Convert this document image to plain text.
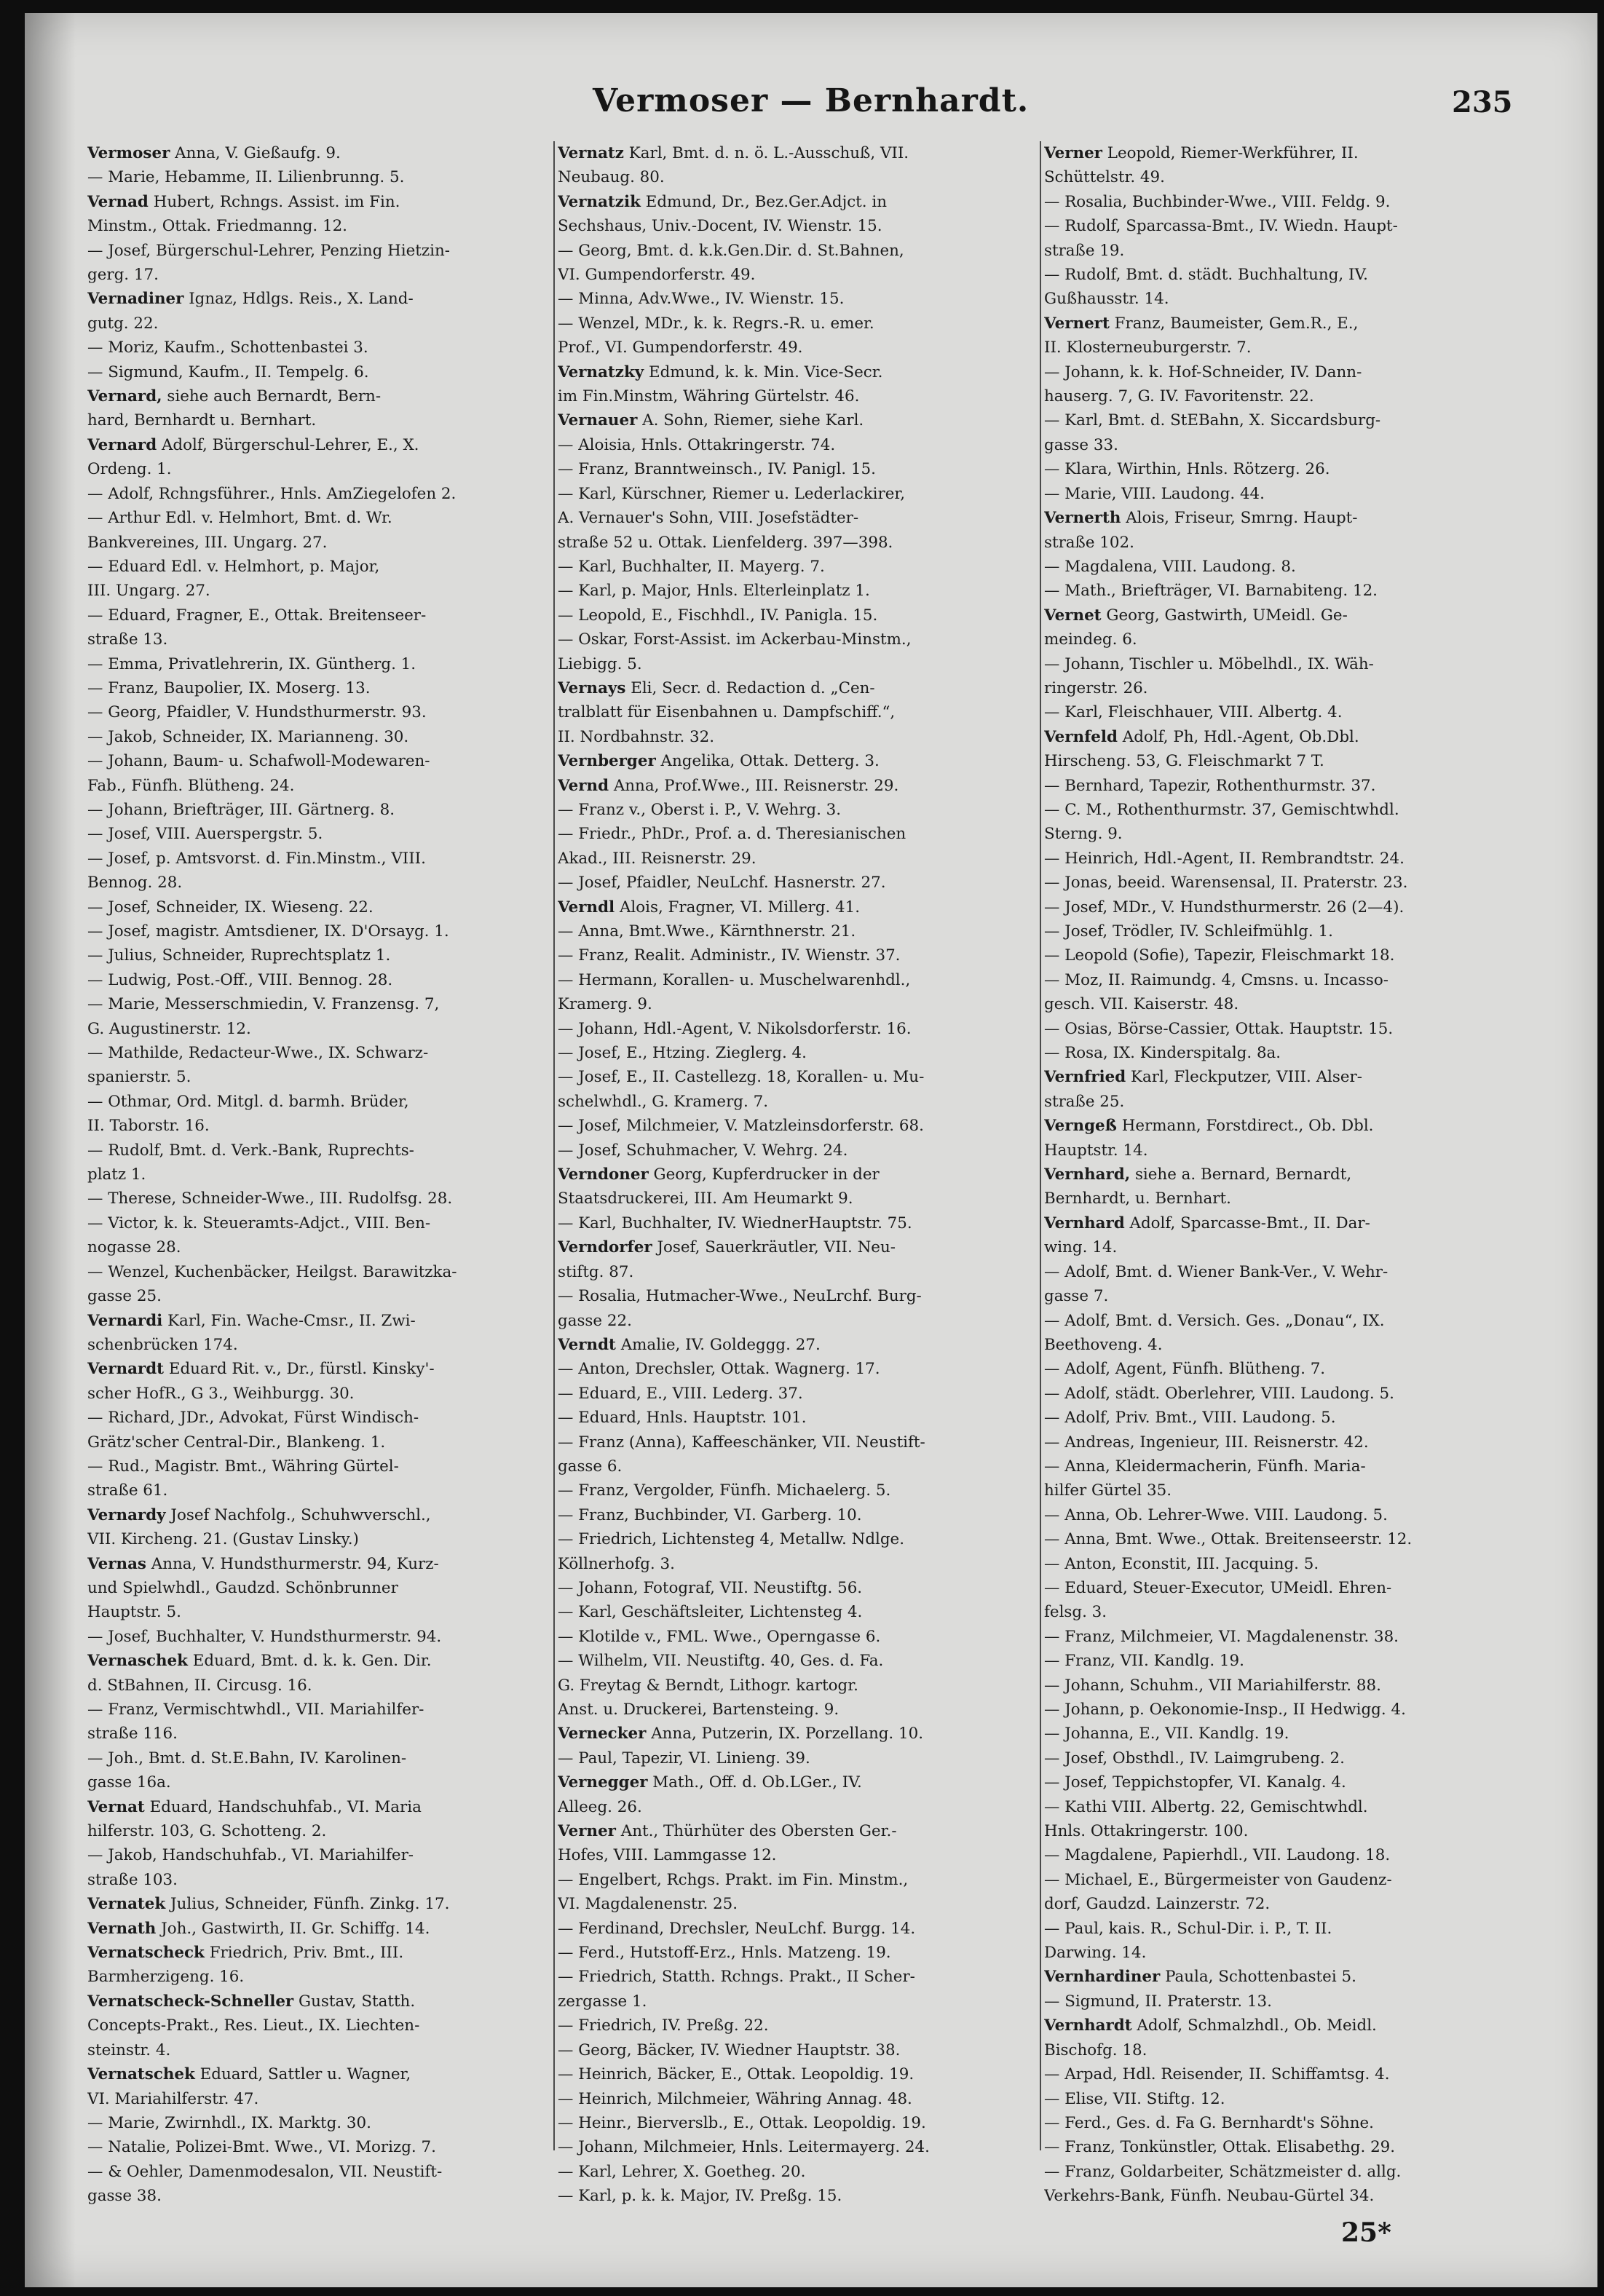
Vermoser — Bernhardt.	235
Vermoser Anna, V. Gießaufg. 9.
— Marie, Hebamme, II. Lilienbrunng. 5.
Vernad Hubert, Rchngs. Assist. im Fin.
Minstm., Ottak. Friedmanng. 12.
— Josef, Bürgerschul-Lehrer, Penzing Hietzin-
gerg. 17.
Vernadiner Ignaz, Hdlgs. Reis., X. Land-
gutg. 22.
— Moriz, Kaufm., Schottenbastei 3.
— Sigmund, Kaufm., II. Tempelg. 6.
Vernard, siehe auch Bernardt, Bern-
hard, Bernhardt u. Bernhart.
Vernard Adolf, Bürgerschul-Lehrer, E., X.
Ordeng. 1.
— Adolf, Rchngsführer., Hnls. AmZiegelofen 2.
— Arthur Edl. v. Helmhort, Bmt. d. Wr.
Bankvereines, III. Ungarg. 27.
— Eduard Edl. v. Helmhort, p. Major,
III. Ungarg. 27.
— Eduard, Fragner, E., Ottak. Breitenseer-
straße 13.
— Emma, Privatlehrerin, IX. Güntherg. 1.
— Franz, Baupolier, IX. Moserg. 13.
— Georg, Pfaidler, V. Hundsthurmerstr. 93.
— Jakob, Schneider, IX. Marianneng. 30.
— Johann, Baum- u. Schafwoll-Modewaren-
Fab., Fünfh. Blütheng. 24.
— Johann, Briefträger, III. Gärtnerg. 8.
— Josef, VIII. Auerspergstr. 5.
— Josef, p. Amtsvorst. d. Fin.Minstm., VIII.
Bennog. 28.
— Josef, Schneider, IX. Wieseng. 22.
— Josef, magistr. Amtsdiener, IX. D'Orsayg. 1.
— Julius, Schneider, Ruprechtsplatz 1.
— Ludwig, Post.-Off., VIII. Bennog. 28.
— Marie, Messerschmiedin, V. Franzensg. 7,
G. Augustinerstr. 12.
— Mathilde, Redacteur-Wwe., IX. Schwarz-
spanierstr. 5.
— Othmar, Ord. Mitgl. d. barmh. Brüder,
II. Taborstr. 16.
— Rudolf, Bmt. d. Verk.-Bank, Ruprechts-
platz 1.
— Therese, Schneider-Wwe., III. Rudolfsg. 28.
— Victor, k. k. Steueramts-Adjct., VIII. Ben-
nogasse 28.
— Wenzel, Kuchenbäcker, Heilgst. Barawitzka-
gasse 25.
Vernardi Karl, Fin. Wache-Cmsr., II. Zwi-
schenbrücken 174.
Vernardt Eduard Rit. v., Dr., fürstl. Kinsky'-
scher HofR., G 3., Weihburgg. 30.
— Richard, JDr., Advokat, Fürst Windisch-
Grätz'scher Central-Dir., Blankeng. 1.
— Rud., Magistr. Bmt., Währing Gürtel-
straße 61.
Vernardy Josef Nachfolg., Schuhwverschl.,
VII. Kircheng. 21. (Gustav Linsky.)
Vernas Anna, V. Hundsthurmerstr. 94, Kurz-
und Spielwhdl., Gaudzd. Schönbrunner
Hauptstr. 5.
— Josef, Buchhalter, V. Hundsthurmerstr. 94.
Vernaschek Eduard, Bmt. d. k. k. Gen. Dir.
d. StBahnen, II. Circusg. 16.
— Franz, Vermischtwhdl., VII. Mariahilfer-
straße 116.
— Joh., Bmt. d. St.E.Bahn, IV. Karolinen-
gasse 16a.
Vernat Eduard, Handschuhfab., VI. Maria
hilferstr. 103, G. Schotteng. 2.
— Jakob, Handschuhfab., VI. Mariahilfer-
straße 103.
Vernatek Julius, Schneider, Fünfh. Zinkg. 17.
Vernath Joh., Gastwirth, II. Gr. Schiffg. 14.
Vernatscheck Friedrich, Priv. Bmt., III.
Barmherzigeng. 16.
Vernatscheck-Schneller Gustav, Statth.
Concepts-Prakt., Res. Lieut., IX. Liechten-
steinstr. 4.
Vernatschek Eduard, Sattler u. Wagner,
VI. Mariahilferstr. 47.
— Marie, Zwirnhdl., IX. Marktg. 30.
— Natalie, Polizei-Bmt. Wwe., VI. Morizg. 7.
— & Oehler, Damenmodesalon, VII. Neustift-
gasse 38.
Vernatz Karl, Bmt. d. n. ö. L.-Ausschuß, VII.
Neubaug. 80.
Vernatzik Edmund, Dr., Bez.Ger.Adjct. in
Sechshaus, Univ.-Docent, IV. Wienstr. 15.
— Georg, Bmt. d. k.k.Gen.Dir. d. St.Bahnen,
VI. Gumpendorferstr. 49.
— Minna, Adv.Wwe., IV. Wienstr. 15.
— Wenzel, MDr., k. k. Regrs.-R. u. emer.
Prof., VI. Gumpendorferstr. 49.
Vernatzky Edmund, k. k. Min. Vice-Secr.
im Fin.Minstm, Währing Gürtelstr. 46.
Vernauer A. Sohn, Riemer, siehe Karl.
— Aloisia, Hnls. Ottakringerstr. 74.
— Franz, Branntweinsch., IV. Panigl. 15.
— Karl, Kürschner, Riemer u. Lederlackirer,
A. Vernauer's Sohn, VIII. Josefstädter-
straße 52 u. Ottak. Lienfelderg. 397—398.
— Karl, Buchhalter, II. Mayerg. 7.
— Karl, p. Major, Hnls. Elterleinplatz 1.
— Leopold, E., Fischhdl., IV. Panigla. 15.
— Oskar, Forst-Assist. im Ackerbau-Minstm.,
Liebigg. 5.
Vernays Eli, Secr. d. Redaction d. „Cen-
tralblatt für Eisenbahnen u. Dampfschiff.“,
II. Nordbahnstr. 32.
Vernberger Angelika, Ottak. Detterg. 3.
Vernd Anna, Prof.Wwe., III. Reisnerstr. 29.
— Franz v., Oberst i. P., V. Wehrg. 3.
— Friedr., PhDr., Prof. a. d. Theresianischen
Akad., III. Reisnerstr. 29.
— Josef, Pfaidler, NeuLchf. Hasnerstr. 27.
Verndl Alois, Fragner, VI. Millerg. 41.
— Anna, Bmt.Wwe., Kärnthnerstr. 21.
— Franz, Realit. Administr., IV. Wienstr. 37.
— Hermann, Korallen- u. Muschelwarenhdl.,
Kramerg. 9.
— Johann, Hdl.-Agent, V. Nikolsdorferstr. 16.
— Josef, E., Htzing. Zieglerg. 4.
— Josef, E., II. Castellezg. 18, Korallen- u. Mu-
schelwhdl., G. Kramerg. 7.
— Josef, Milchmeier, V. Matzleinsdorferstr. 68.
— Josef, Schuhmacher, V. Wehrg. 24.
Verndoner Georg, Kupferdrucker in der
Staatsdruckerei, III. Am Heumarkt 9.
— Karl, Buchhalter, IV. WiednerHauptstr. 75.
Verndorfer Josef, Sauerkräutler, VII. Neu-
stiftg. 87.
— Rosalia, Hutmacher-Wwe., NeuLrchf. Burg-
gasse 22.
Verndt Amalie, IV. Goldeggg. 27.
— Anton, Drechsler, Ottak. Wagnerg. 17.
— Eduard, E., VIII. Lederg. 37.
— Eduard, Hnls. Hauptstr. 101.
— Franz (Anna), Kaffeeschänker, VII. Neustift-
gasse 6.
— Franz, Vergolder, Fünfh. Michaelerg. 5.
— Franz, Buchbinder, VI. Garberg. 10.
— Friedrich, Lichtensteg 4, Metallw. Ndlge.
Köllnerhofg. 3.
— Johann, Fotograf, VII. Neustiftg. 56.
— Karl, Geschäftsleiter, Lichtensteg 4.
— Klotilde v., FML. Wwe., Operngasse 6.
— Wilhelm, VII. Neustiftg. 40, Ges. d. Fa.
G. Freytag & Berndt, Lithogr. kartogr.
Anst. u. Druckerei, Bartensteing. 9.
Vernecker Anna, Putzerin, IX. Porzellang. 10.
— Paul, Tapezir, VI. Linieng. 39.
Vernegger Math., Off. d. Ob.LGer., IV.
Alleeg. 26.
Verner Ant., Thürhüter des Obersten Ger.-
Hofes, VIII. Lammgasse 12.
— Engelbert, Rchgs. Prakt. im Fin. Minstm.,
VI. Magdalenenstr. 25.
— Ferdinand, Drechsler, NeuLchf. Burgg. 14.
— Ferd., Hutstoff-Erz., Hnls. Matzeng. 19.
— Friedrich, Statth. Rchngs. Prakt., II Scher-
zergasse 1.
— Friedrich, IV. Preßg. 22.
— Georg, Bäcker, IV. Wiedner Hauptstr. 38.
— Heinrich, Bäcker, E., Ottak. Leopoldig. 19.
— Heinrich, Milchmeier, Währing Annag. 48.
— Heinr., Bierverslb., E., Ottak. Leopoldig. 19.
— Johann, Milchmeier, Hnls. Leitermayerg. 24.
— Karl, Lehrer, X. Goetheg. 20.
— Karl, p. k. k. Major, IV. Preßg. 15.
Verner Leopold, Riemer-Werkführer, II.
Schüttelstr. 49.
— Rosalia, Buchbinder-Wwe., VIII. Feldg. 9.
— Rudolf, Sparcassa-Bmt., IV. Wiedn. Haupt-
straße 19.
— Rudolf, Bmt. d. städt. Buchhaltung, IV.
Gußhausstr. 14.
Vernert Franz, Baumeister, Gem.R., E.,
II. Klosterneuburgerstr. 7.
— Johann, k. k. Hof-Schneider, IV. Dann-
hauserg. 7, G. IV. Favoritenstr. 22.
— Karl, Bmt. d. StEBahn, X. Siccardsburg-
gasse 33.
— Klara, Wirthin, Hnls. Rötzerg. 26.
— Marie, VIII. Laudong. 44.
Vernerth Alois, Friseur, Smrng. Haupt-
straße 102.
— Magdalena, VIII. Laudong. 8.
— Math., Briefträger, VI. Barnabiteng. 12.
Vernet Georg, Gastwirth, UMeidl. Ge-
meindeg. 6.
— Johann, Tischler u. Möbelhdl., IX. Wäh-
ringerstr. 26.
— Karl, Fleischhauer, VIII. Albertg. 4.
Vernfeld Adolf, Ph, Hdl.-Agent, Ob.Dbl.
Hirscheng. 53, G. Fleischmarkt 7 T.
— Bernhard, Tapezir, Rothenthurmstr. 37.
— C. M., Rothenthurmstr. 37, Gemischtwhdl.
Sterng. 9.
— Heinrich, Hdl.-Agent, II. Rembrandtstr. 24.
— Jonas, beeid. Warensensal, II. Praterstr. 23.
— Josef, MDr., V. Hundsthurmerstr. 26 (2—4).
— Josef, Trödler, IV. Schleifmühlg. 1.
— Leopold (Sofie), Tapezir, Fleischmarkt 18.
— Moz, II. Raimundg. 4, Cmsns. u. Incasso-
gesch. VII. Kaiserstr. 48.
— Osias, Börse-Cassier, Ottak. Hauptstr. 15.
— Rosa, IX. Kinderspitalg. 8a.
Vernfried Karl, Fleckputzer, VIII. Alser-
straße 25.
Verngeß Hermann, Forstdirect., Ob. Dbl.
Hauptstr. 14.
Vernhard, siehe a. Bernard, Bernardt,
Bernhardt, u. Bernhart.
Vernhard Adolf, Sparcasse-Bmt., II. Dar-
wing. 14.
— Adolf, Bmt. d. Wiener Bank-Ver., V. Wehr-
gasse 7.
— Adolf, Bmt. d. Versich. Ges. „Donau“, IX.
Beethoveng. 4.
— Adolf, Agent, Fünfh. Blütheng. 7.
— Adolf, städt. Oberlehrer, VIII. Laudong. 5.
— Adolf, Priv. Bmt., VIII. Laudong. 5.
— Andreas, Ingenieur, III. Reisnerstr. 42.
— Anna, Kleidermacherin, Fünfh. Maria-
hilfer Gürtel 35.
— Anna, Ob. Lehrer-Wwe. VIII. Laudong. 5.
— Anna, Bmt. Wwe., Ottak. Breitenseerstr. 12.
— Anton, Econstit, III. Jacquing. 5.
— Eduard, Steuer-Executor, UMeidl. Ehren-
felsg. 3.
— Franz, Milchmeier, VI. Magdalenenstr. 38.
— Franz, VII. Kandlg. 19.
— Johann, Schuhm., VII Mariahilferstr. 88.
— Johann, p. Oekonomie-Insp., II Hedwigg. 4.
— Johanna, E., VII. Kandlg. 19.
— Josef, Obsthdl., IV. Laimgrubeng. 2.
— Josef, Teppichstopfer, VI. Kanalg. 4.
— Kathi VIII. Albertg. 22, Gemischtwhdl.
Hnls. Ottakringerstr. 100.
— Magdalene, Papierhdl., VII. Laudong. 18.
— Michael, E., Bürgermeister von Gaudenz-
dorf, Gaudzd. Lainzerstr. 72.
— Paul, kais. R., Schul-Dir. i. P., T. II.
Darwing. 14.
Vernhardiner Paula, Schottenbastei 5.
— Sigmund, II. Praterstr. 13.
Vernhardt Adolf, Schmalzhdl., Ob. Meidl.
Bischofg. 18.
— Arpad, Hdl. Reisender, II. Schiffamtsg. 4.
— Elise, VII. Stiftg. 12.
— Ferd., Ges. d. Fa G. Bernhardt's Söhne.
— Franz, Tonkünstler, Ottak. Elisabethg. 29.
— Franz, Goldarbeiter, Schätzmeister d. allg.
Verkehrs-Bank, Fünfh. Neubau-Gürtel 34.
25*
